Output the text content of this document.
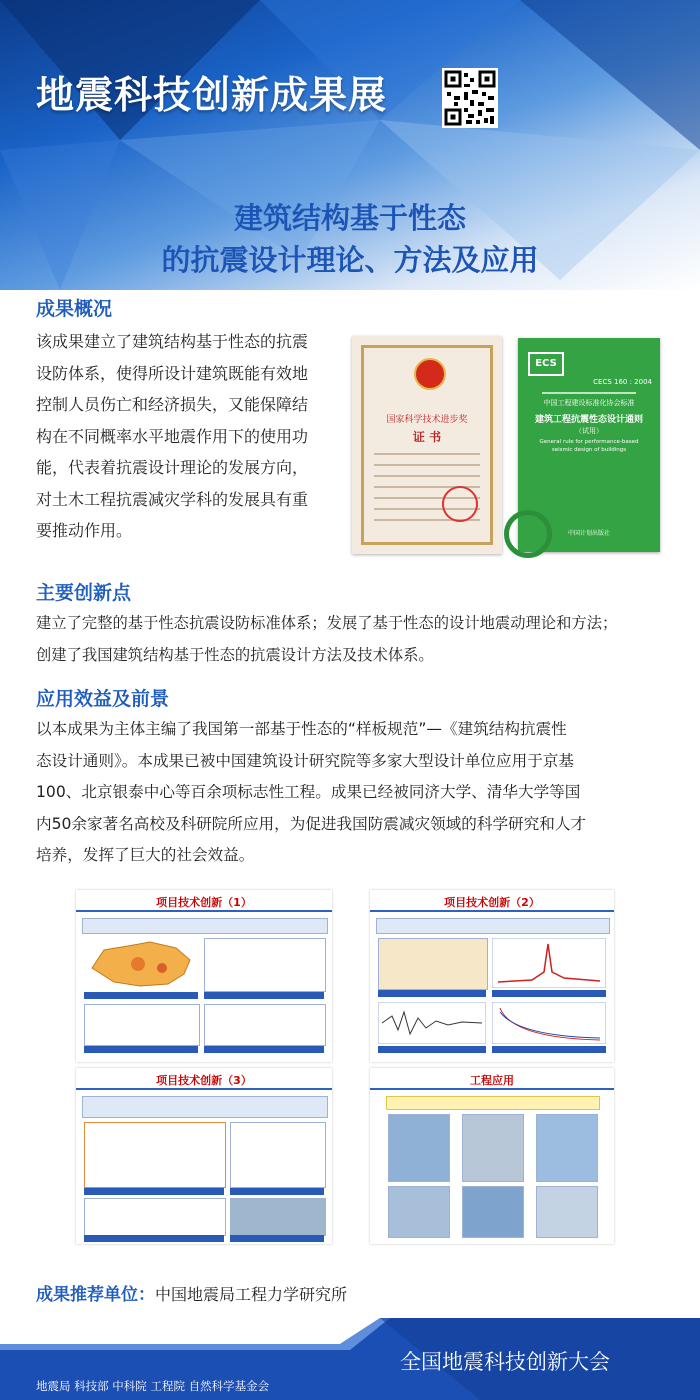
地震科技创新成果展
建筑结构基于性态
的抗震设计理论、方法及应用
成果概况
该成果建立了建筑结构基于性态的抗震
设防体系，使得所设计建筑既能有效地
控制人员伤亡和经济损失，又能保障结
构在不同概率水平地震作用下的使用功
能，代表着抗震设计理论的发展方向，
对土木工程抗震减灾学科的发展具有重
要推动作用。
国家科学技术进步奖
证 书
ECS
CECS 160 : 2004
中国工程建设标准化协会标准
建筑工程抗震性态设计通则
（试用）
General rule for performance-based seismic design of buildings
中国计划出版社
主要创新点
建立了完整的基于性态抗震设防标准体系；发展了基于性态的设计地震动理论和方法；
创建了我国建筑结构基于性态的抗震设计方法及技术体系。
应用效益及前景
以本成果为主体主编了我国第一部基于性态的“样板规范”—《建筑结构抗震性
态设计通则》。本成果已被中国建筑设计研究院等多家大型设计单位应用于京基
100、北京银泰中心等百余项标志性工程。成果已经被同济大学、清华大学等国
内50余家著名高校及科研院所应用，为促进我国防震减灾领域的科学研究和人才
培养，发挥了巨大的社会效益。
项目技术创新（1）	项目技术创新（2）
项目技术创新（3）	工程应用
成果推荐单位：中国地震局工程力学研究所
全国地震科技创新大会
地震局 科技部 中科院 工程院 自然科学基金会
